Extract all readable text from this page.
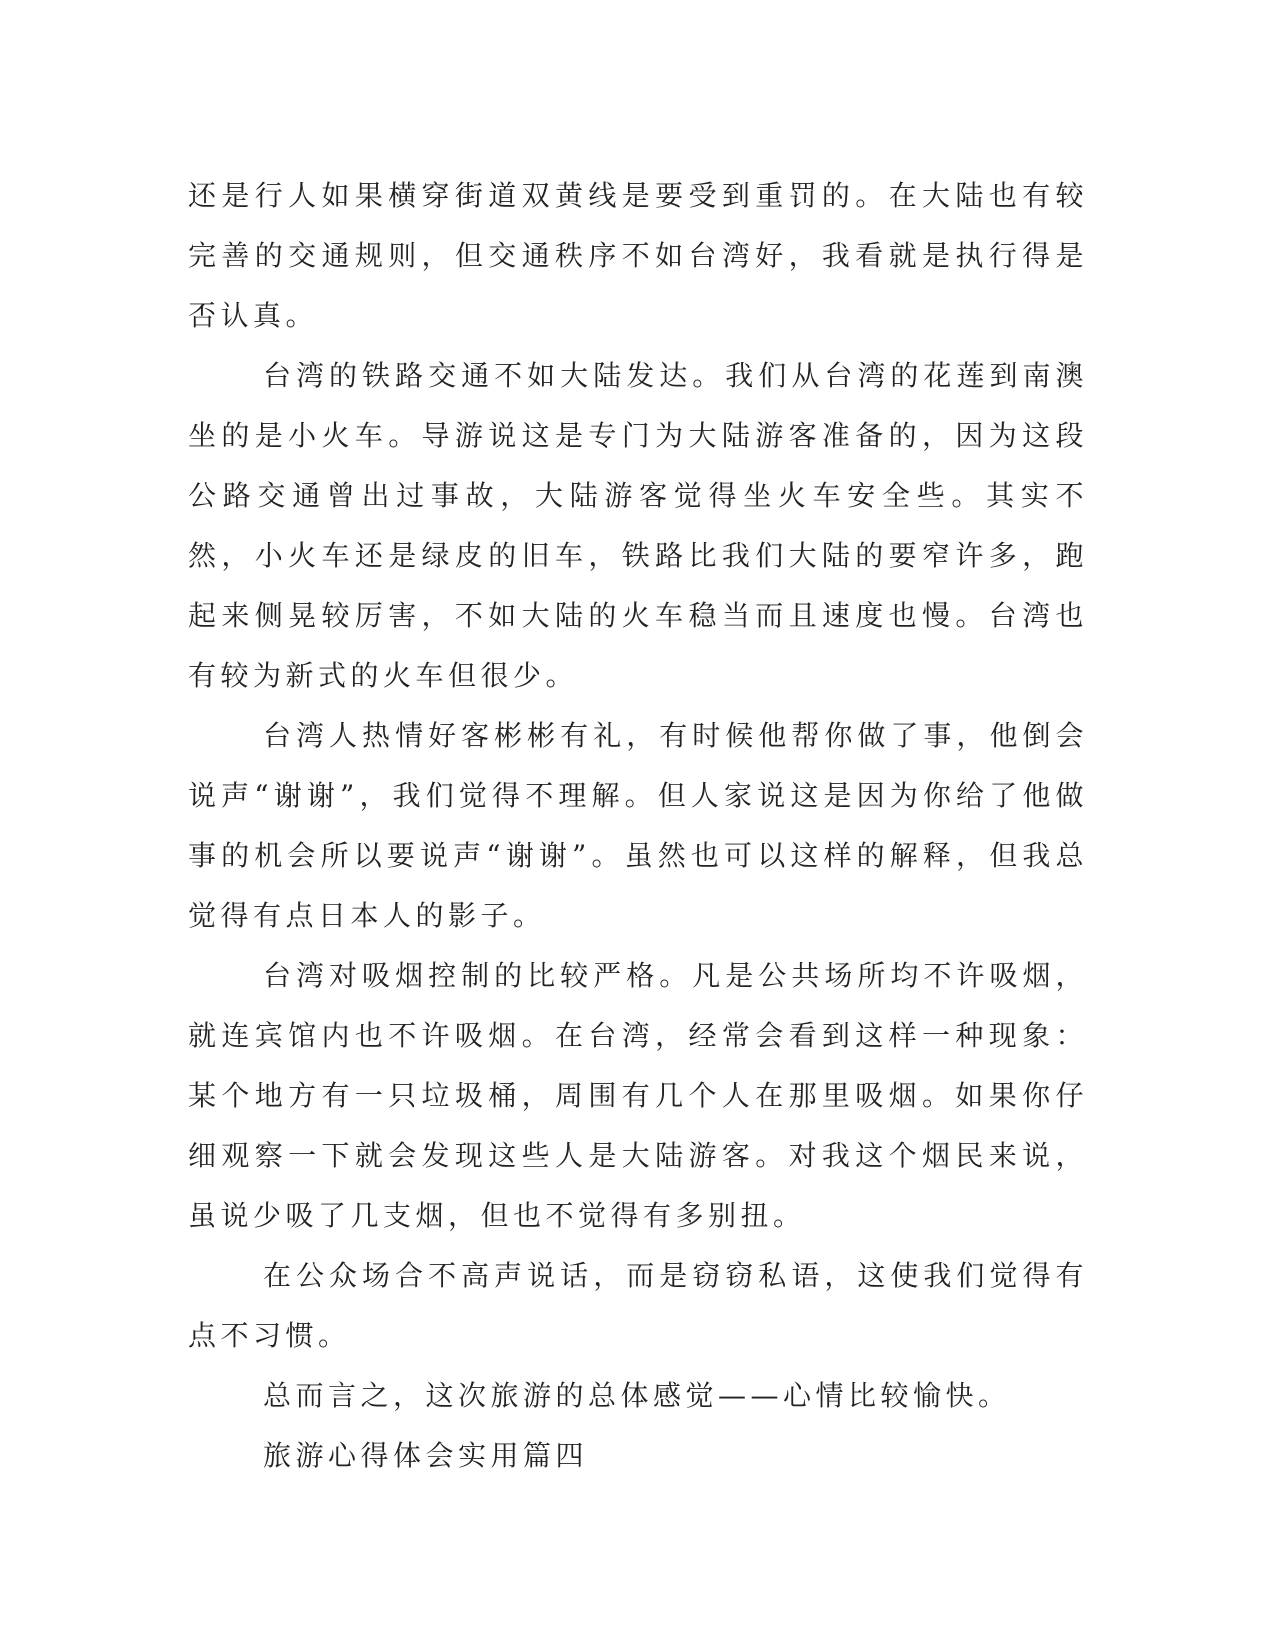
还是行人如果横穿街道双黄线是要受到重罚的。在大陆也有较完善的交通规则，但交通秩序不如台湾好，我看就是执行得是否认真。

台湾的铁路交通不如大陆发达。我们从台湾的花莲到南澳坐的是小火车。导游说这是专门为大陆游客准备的，因为这段公路交通曾出过事故，大陆游客觉得坐火车安全些。其实不然，小火车还是绿皮的旧车，铁路比我们大陆的要窄许多，跑起来侧晃较厉害，不如大陆的火车稳当而且速度也慢。台湾也有较为新式的火车但很少。

台湾人热情好客彬彬有礼，有时候他帮你做了事，他倒会说声“谢谢”，我们觉得不理解。但人家说这是因为你给了他做事的机会所以要说声“谢谢”。虽然也可以这样的解释，但我总觉得有点日本人的影子。

台湾对吸烟控制的比较严格。凡是公共场所均不许吸烟，就连宾馆内也不许吸烟。在台湾，经常会看到这样一种现象：某个地方有一只垃圾桶，周围有几个人在那里吸烟。如果你仔细观察一下就会发现这些人是大陆游客。对我这个烟民来说，虽说少吸了几支烟，但也不觉得有多别扭。

在公众场合不高声说话，而是窃窃私语，这使我们觉得有点不习惯。

总而言之，这次旅游的总体感觉——心情比较愉快。

旅游心得体会实用篇四
